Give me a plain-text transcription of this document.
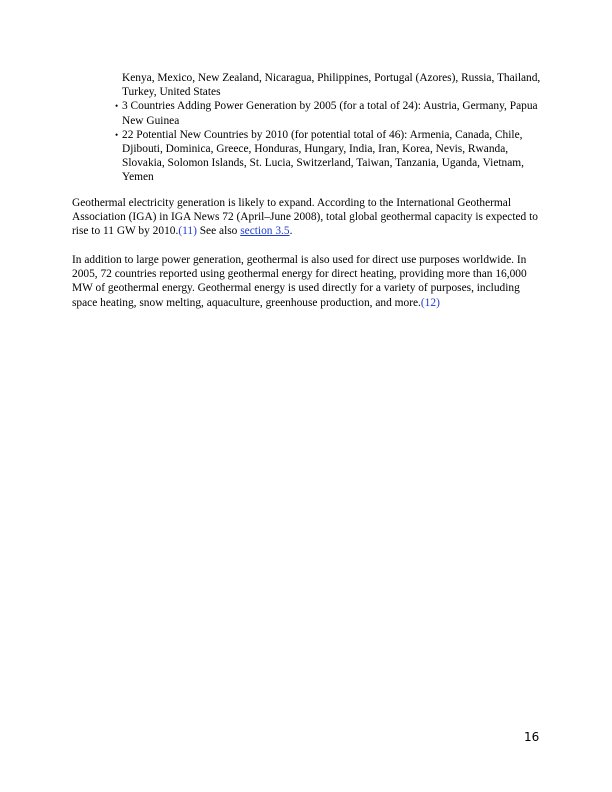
Kenya, Mexico, New Zealand, Nicaragua, Philippines, Portugal (Azores), Russia, Thailand, Turkey, United States

• 3 Countries Adding Power Generation by 2005 (for a total of 24): Austria, Germany, Papua New Guinea

• 22 Potential New Countries by 2010 (for potential total of 46): Armenia, Canada, Chile, Djibouti, Dominica, Greece, Honduras, Hungary, India, Iran, Korea, Nevis, Rwanda, Slovakia, Solomon Islands, St. Lucia, Switzerland, Taiwan, Tanzania, Uganda, Vietnam, Yemen

Geothermal electricity generation is likely to expand. According to the International Geothermal Association (IGA) in IGA News 72 (April–June 2008), total global geothermal capacity is expected to rise to 11 GW by 2010.(11) See also section 3.5.

In addition to large power generation, geothermal is also used for direct use purposes worldwide. In 2005, 72 countries reported using geothermal energy for direct heating, providing more than 16,000 MW of geothermal energy. Geothermal energy is used directly for a variety of purposes, including space heating, snow melting, aquaculture, greenhouse production, and more.(12)

16
